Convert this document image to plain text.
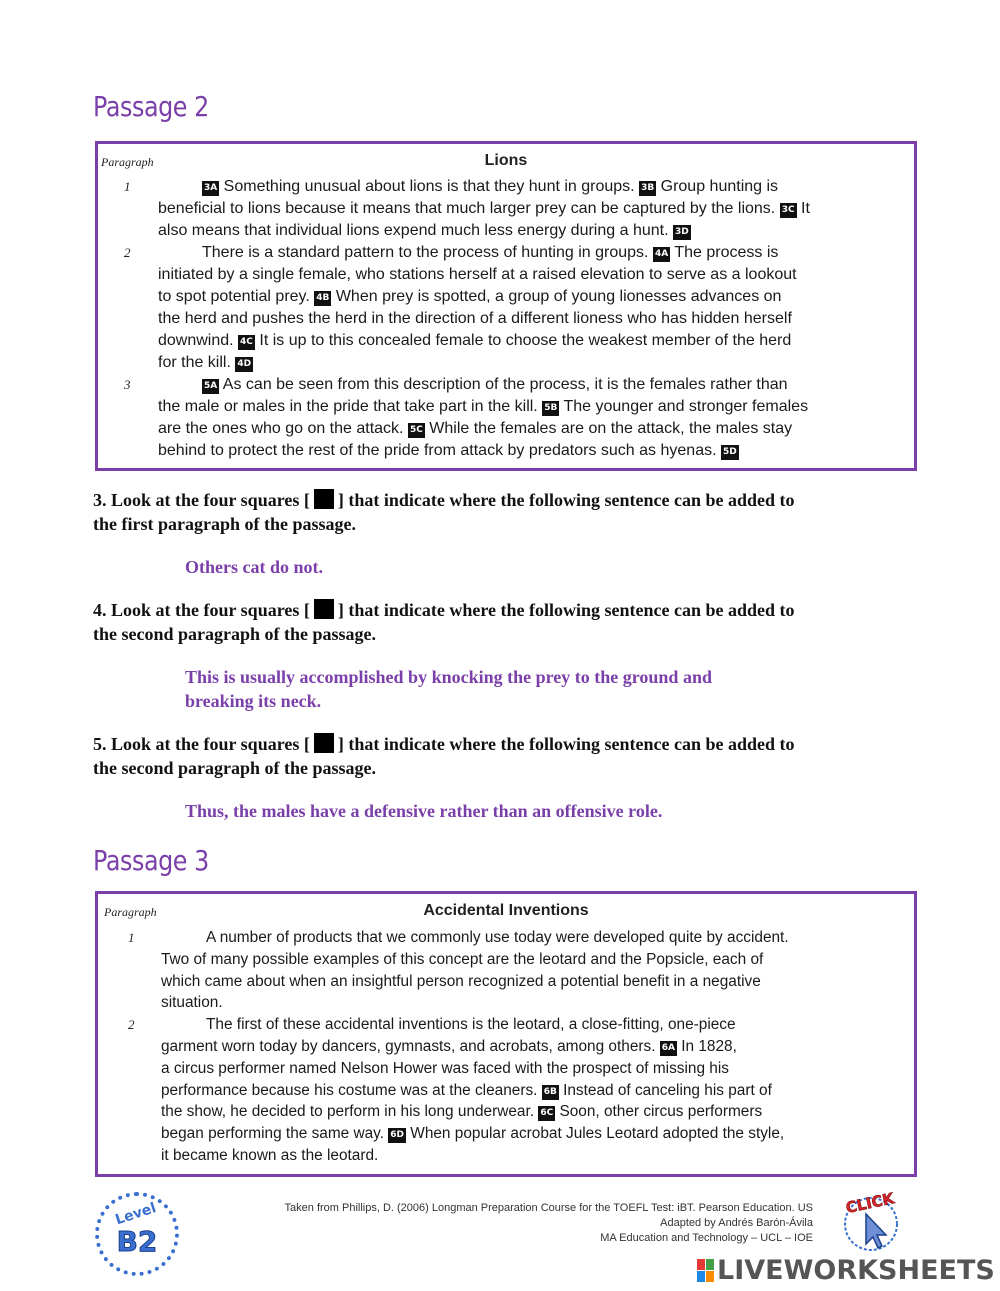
Passage 2
Paragraph	Lions
1	3A Something unusual about lions is that they hunt in groups. 3B Group hunting is
beneficial to lions because it means that much larger prey can be captured by the lions. 3C It
also means that individual lions expend much less energy during a hunt. 3D
2	There is a standard pattern to the process of hunting in groups. 4A The process is
initiated by a single female, who stations herself at a raised elevation to serve as a lookout
to spot potential prey. 4B When prey is spotted, a group of young lionesses advances on
the herd and pushes the herd in the direction of a different lioness who has hidden herself
downwind. 4C It is up to this concealed female to choose the weakest member of the herd
for the kill. 4D
3	5A As can be seen from this description of the process, it is the females rather than
the male or males in the pride that take part in the kill. 5B The younger and stronger females
are the ones who go on the attack. 5C While the females are on the attack, the males stay
behind to protect the rest of the pride from attack by predators such as hyenas. 5D
3. Look at the four squares [ ] that indicate where the following sentence can be added to
the first paragraph of the passage.
Others cat do not.
4. Look at the four squares [ ] that indicate where the following sentence can be added to
the second paragraph of the passage.
This is usually accomplished by knocking the prey to the ground and
breaking its neck.
5. Look at the four squares [ ] that indicate where the following sentence can be added to
the second paragraph of the passage.
Thus, the males have a defensive rather than an offensive role.
Passage 3
Paragraph	Accidental Inventions
1	A number of products that we commonly use today were developed quite by accident.
Two of many possible examples of this concept are the leotard and the Popsicle, each of
which came about when an insightful person recognized a potential benefit in a negative
situation.
2	The first of these accidental inventions is the leotard, a close-fitting, one-piece
garment worn today by dancers, gymnasts, and acrobats, among others. 6A In 1828,
a circus performer named Nelson Hower was faced with the prospect of missing his
performance because his costume was at the cleaners. 6B Instead of canceling his part of
the show, he decided to perform in his long underwear. 6C Soon, other circus performers
began performing the same way. 6D When popular acrobat Jules Leotard adopted the style,
it became known as the leotard.
Level
B2
Taken from Phillips, D. (2006) Longman Preparation Course for the TOEFL Test: iBT. Pearson Education. US
Adapted by Andrés Barón-Ávila
MA Education and Technology – UCL – IOE
CLICK
LIVEWORKSHEETS
